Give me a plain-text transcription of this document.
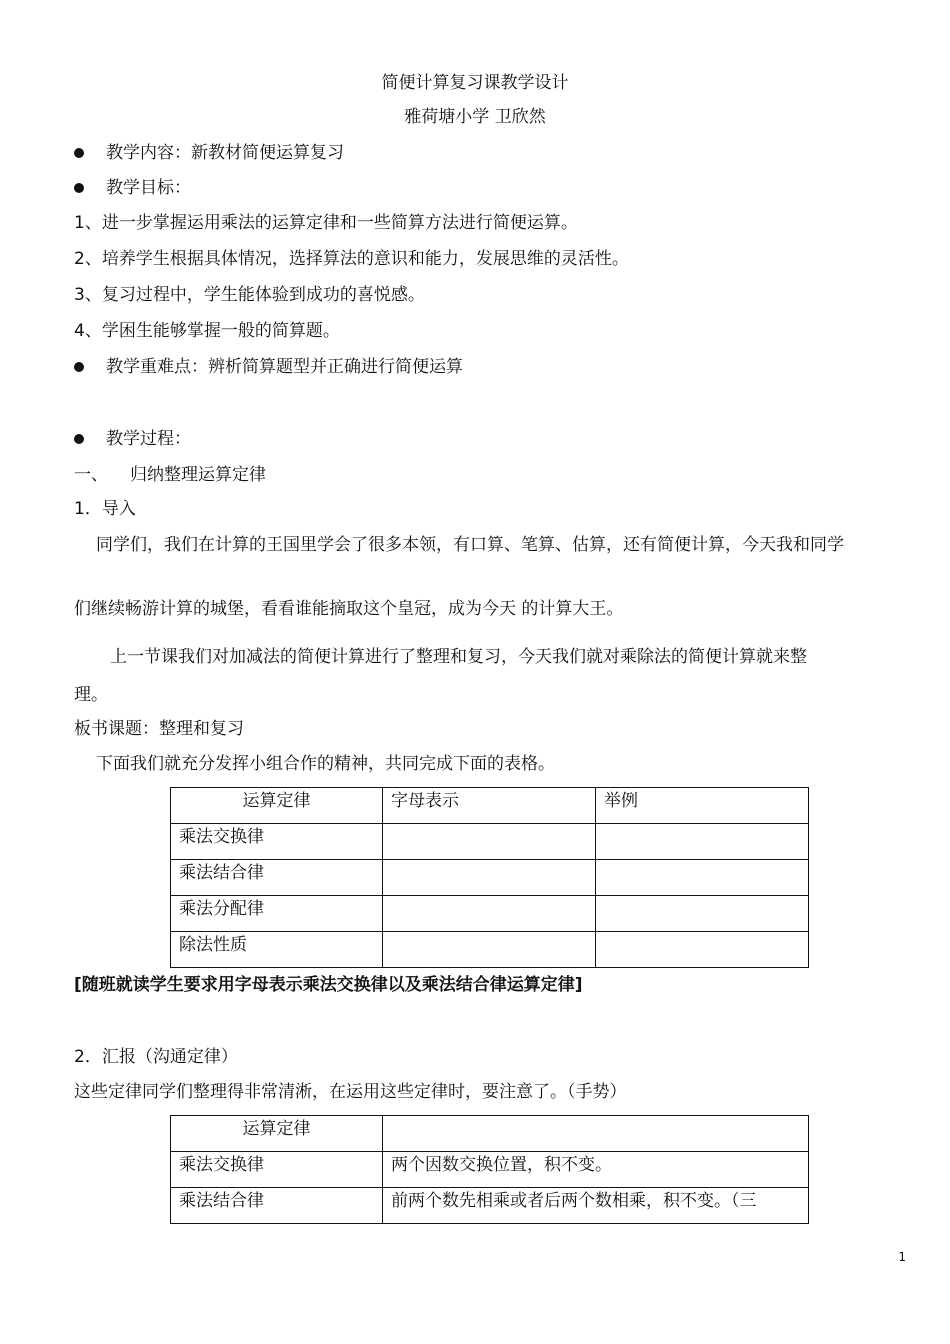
简便计算复习课教学设计
雅荷塘小学 卫欣然
教学内容：新教材简便运算复习
教学目标：
1、进一步掌握运用乘法的运算定律和一些简算方法进行简便运算。
2、培养学生根据具体情况，选择算法的意识和能力，发展思维的灵活性。
3、复习过程中，学生能体验到成功的喜悦感。
4、学困生能够掌握一般的简算题。
教学重难点：辨析简算题型并正确进行简便运算
教学过程：
一、 归纳整理运算定律
1．导入
同学们，我们在计算的王国里学会了很多本领，有口算、笔算、估算，还有简便计算，今天我和同学
们继续畅游计算的城堡，看看谁能摘取这个皇冠，成为今天 的计算大王。
上一节课我们对加减法的简便计算进行了整理和复习，今天我们就对乘除法的简便计算就来整
理。
板书课题：整理和复习
下面我们就充分发挥小组合作的精神，共同完成下面的表格。
运算定律	字母表示	举例
乘法交换律		
乘法结合律		
乘法分配律		
除法性质		
[随班就读学生要求用字母表示乘法交换律以及乘法结合律运算定律]
2．汇报（沟通定律）
这些定律同学们整理得非常清淅，在运用这些定律时，要注意了。（手势）
运算定律	
乘法交换律	两个因数交换位置，积不变。
乘法结合律	前两个数先相乘或者后两个数相乘，积不变。（三
1
